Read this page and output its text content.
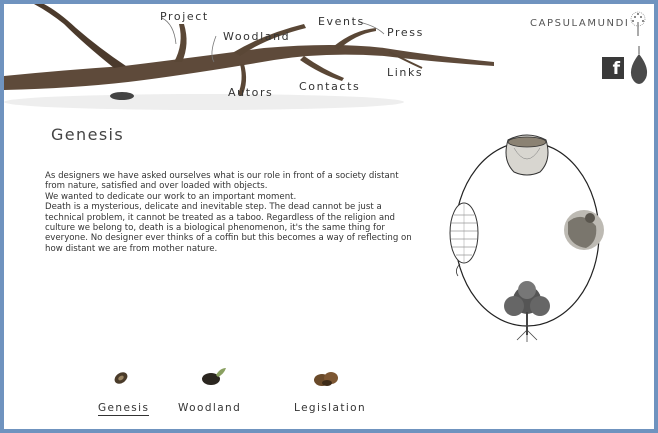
Project
Woodland
Events
Press
Links
Contacts
Autors
CAPSULAMUNDI
f
Genesis

As designers we have asked ourselves what is our role in front of a society distant from nature, satisfied and over loaded with objects.

We wanted to dedicate our work to an important moment.

Death is a mysterious, delicate and inevitable step. The dead cannot be just a technical problem, it cannot be treated as a taboo. Regardless of the religion and culture we belong to, death is a biological phenomenon, it's the same thing for everyone. No designer ever thinks of a coffin but this becomes a way of reflecting on how distant we are from mother nature.

Genesis	Woodland	Legislation
